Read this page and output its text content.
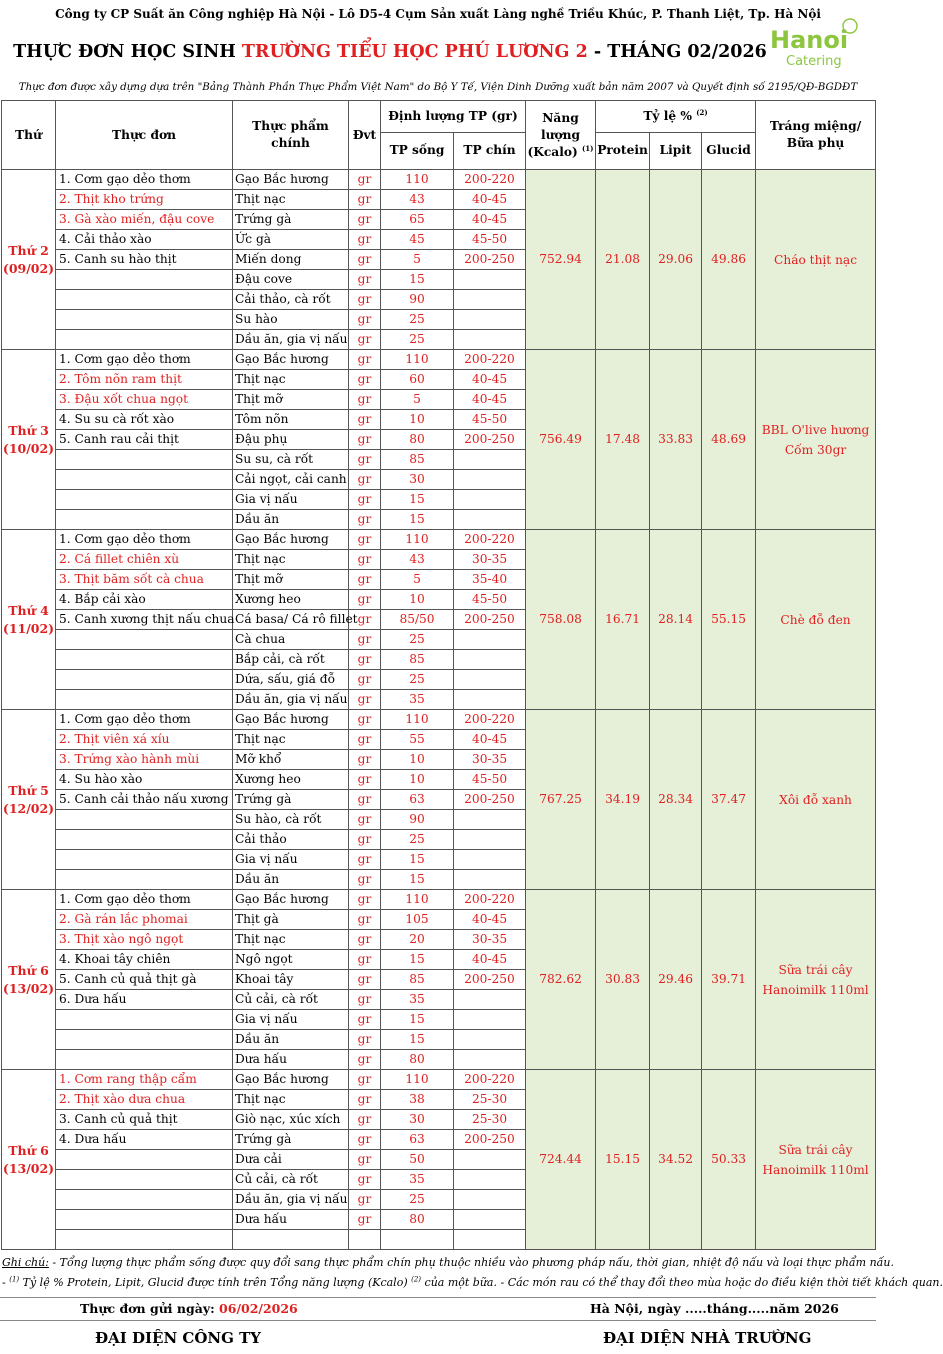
Công ty CP Suất ăn Công nghiệp Hà Nội - Lô D5-4 Cụm Sản xuất Làng nghề Triều Khúc, P. Thanh Liệt, Tp. Hà Nội
THỰC ĐƠN HỌC SINH TRƯỜNG TIỂU HỌC PHÚ LƯƠNG 2 - THÁNG 02/2026 Hanoi
Catering
Thực đơn được xây dựng dựa trên "Bảng Thành Phần Thực Phẩm Việt Nam" do Bộ Y Tế, Viện Dinh Dưỡng xuất bản năm 2007 và Quyết định số 2195/QĐ-BGDĐT
Thứ	Thực đơn	Thực phẩm chính	Đvt	Định lượng TP (gr)		Năng lượng (Kcalo) $^{(1)}$	Tỷ lệ % $^{(2)}$			Tráng miệng/ Bữa phụ
				TP sống	TP chín		Protein	Lipit	Glucid	

Thứ 2
(09/02)	1. Cơm gạo dẻo thơm	Gạo Bắc hương	gr	110	200-220	752.94	21.08	29.06	49.86	Cháo thịt nạc
	2. Thịt kho trứng	Thịt nạc	gr	43	40-45					
	3. Gà xào miến, đậu cove	Trứng gà	gr	65	40-45					
	4. Cải thảo xào	Ức gà	gr	45	45-50					
	5. Canh su hào thịt	Miến dong	gr	5	200-250					
		Đậu cove	gr	15						
		Cải thảo, cà rốt	gr	90						
		Su hào	gr	25						
		Dầu ăn, gia vị nấu	gr	25						

Thứ 3
(10/02)	1. Cơm gạo dẻo thơm	Gạo Bắc hương	gr	110	200-220	756.49	17.48	33.83	48.69	BBL O'live hương Cốm 30gr
	2. Tôm nõn ram thịt	Thịt nạc	gr	60	40-45					
	3. Đậu xốt chua ngọt	Thịt mỡ	gr	5	40-45					
	4. Su su cà rốt xào	Tôm nõn	gr	10	45-50					
	5. Canh rau cải thịt	Đậu phụ	gr	80	200-250					
		Su su, cà rốt	gr	85						
		Cải ngọt, cải canh	gr	30						
		Gia vị nấu	gr	15						
		Dầu ăn	gr	15						

Thứ 4
(11/02)	1. Cơm gạo dẻo thơm	Gạo Bắc hương	gr	110	200-220	758.08	16.71	28.14	55.15	Chè đỗ đen
	2. Cá fillet chiên xù	Thịt nạc	gr	43	30-35					
	3. Thịt băm sốt cà chua	Thịt mỡ	gr	5	35-40					
	4. Bắp cải xào	Xương heo	gr	10	45-50					
	5. Canh xương thịt nấu chua	Cá basa/ Cá rô fillet	gr	85/50	200-250					
		Cà chua	gr	25						
		Bắp cải, cà rốt	gr	85						
		Dứa, sấu, giá đỗ	gr	25						
		Dầu ăn, gia vị nấu	gr	35						

Thứ 5
(12/02)	1. Cơm gạo dẻo thơm	Gạo Bắc hương	gr	110	200-220	767.25	34.19	28.34	37.47	Xôi đỗ xanh
	2. Thịt viên xá xíu	Thịt nạc	gr	55	40-45					
	3. Trứng xào hành mùi	Mỡ khổ	gr	10	30-35					
	4. Su hào xào	Xương heo	gr	10	45-50					
	5. Canh cải thảo nấu xương	Trứng gà	gr	63	200-250					
		Su hào, cà rốt	gr	90						
		Cải thảo	gr	25						
		Gia vị nấu	gr	15						
		Dầu ăn	gr	15						

Thứ 6
(13/02)	1. Cơm gạo dẻo thơm	Gạo Bắc hương	gr	110	200-220	782.62	30.83	29.46	39.71	Sữa trái cây Hanoimilk 110ml
	2. Gà rán lắc phomai	Thịt gà	gr	105	40-45					
	3. Thịt xào ngô ngọt	Thịt nạc	gr	20	30-35					
	4. Khoai tây chiên	Ngô ngọt	gr	15	40-45					
	5. Canh củ quả thịt gà	Khoai tây	gr	85	200-250					
	6. Dưa hấu	Củ cải, cà rốt	gr	35						
		Gia vị nấu	gr	15						
		Dầu ăn	gr	15						
		Dưa hấu	gr	80						

Thứ 6
(13/02)	1. Cơm rang thập cẩm	Gạo Bắc hương	gr	110	200-220	724.44	15.15	34.52	50.33	Sữa trái cây Hanoimilk 110ml
	2. Thịt xào dưa chua	Thịt nạc	gr	38	25-30					
	3. Canh củ quả thịt	Giò nạc, xúc xích	gr	30	25-30					
	4. Dưa hấu	Trứng gà	gr	63	200-250					
		Dưa cải	gr	50						
		Củ cải, cà rốt	gr	35						
		Dầu ăn, gia vị nấu	gr	25						
		Dưa hấu	gr	80						

Ghi chú: - Tổng lượng thực phẩm sống được quy đổi sang thực phẩm chín phụ thuộc nhiều vào phương pháp nấu, thời gian, nhiệt độ nấu và loại thực phẩm nấu.
- $^{(1)}$ Tỷ lệ % Protein, Lipit, Glucid được tính trên Tổng năng lượng (Kcalo) $^{(2)}$ của một bữa. - Các món rau có thể thay đổi theo mùa hoặc do điều kiện thời tiết khách quan.
Thực đơn gửi ngày: 06/02/2026	Hà Nội, ngày .....tháng.....năm 2026
ĐẠI DIỆN CÔNG TY	ĐẠI DIỆN NHÀ TRƯỜNG
